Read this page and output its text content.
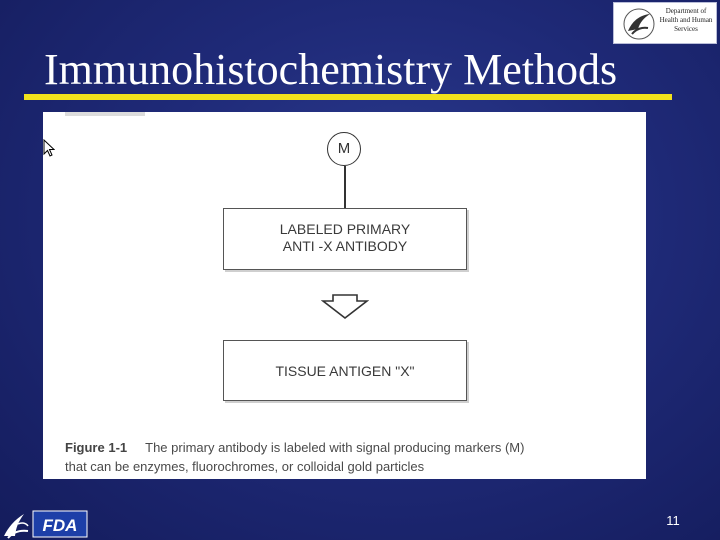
Department of
Health and Human
Services
Immunohistochemistry Methods
M
LABELED PRIMARY
ANTI -X ANTIBODY
TISSUE ANTIGEN "X"
Figure 1-1 The primary antibody is labeled with signal producing markers (M)
that can be enzymes, fluorochromes, or colloidal gold particles
FDA	11
